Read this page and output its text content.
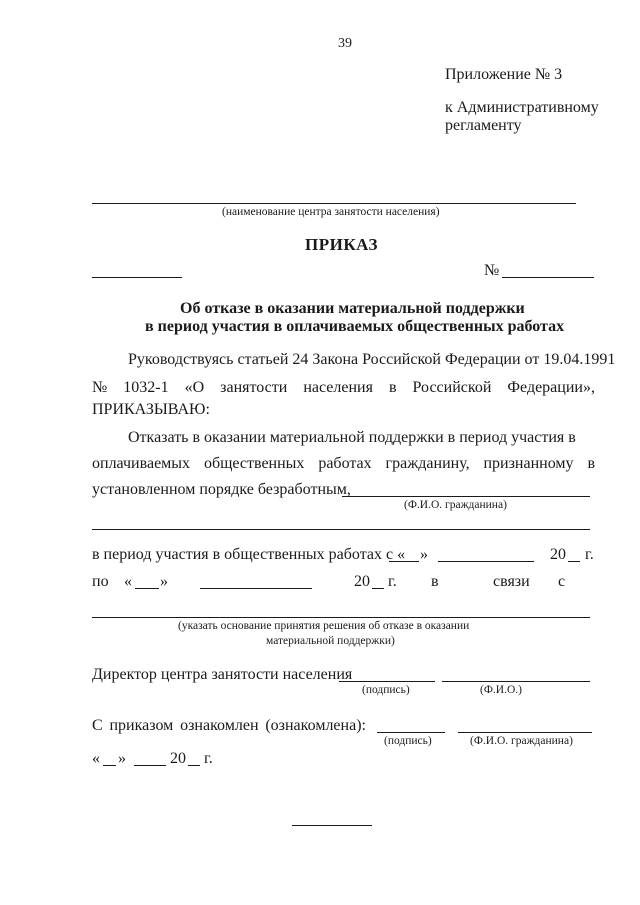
39
Приложение № 3
к Административному
регламенту
(наименование центра занятости населения)
ПРИКАЗ
№
Об отказе в оказании материальной поддержки
в период участия в оплачиваемых общественных работах
Руководствуясь статьей 24 Закона Российской Федерации от 19.04.1991
№ 1032-1 «О занятости населения в Российской Федерации»,
ПРИКАЗЫВАЮ:
Отказать в оказании материальной поддержки в период участия в
оплачиваемых общественных работах гражданину, признанному в
установленном порядке безработным,
(Ф.И.О. гражданина)
в период участия в общественных работах с « »	20 г.
по « »	20 г. в	связи с
(указать основание принятия решения об отказе в оказании
материальной поддержки)
Директор центра занятости населения
(подпись)	(Ф.И.О.)
С приказом ознакомлен (ознакомлена):
(подпись)	(Ф.И.О. гражданина)
« »	20 г.
